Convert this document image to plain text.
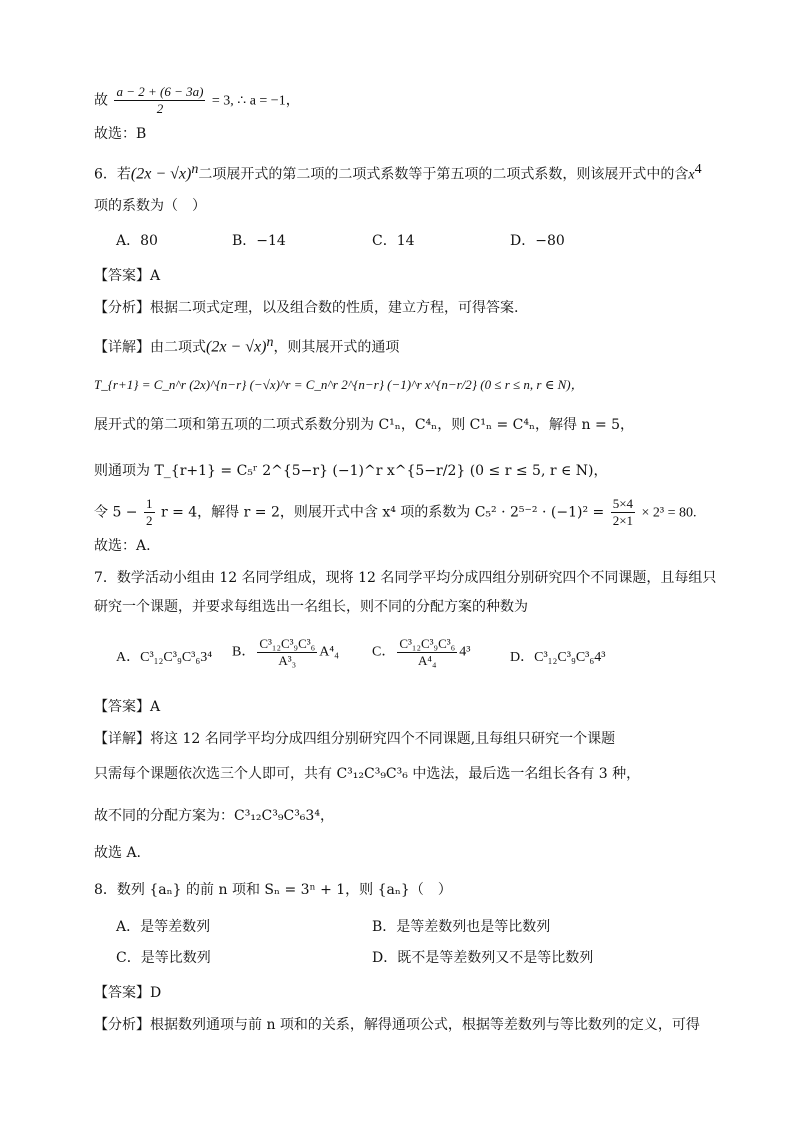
故 $\frac{a - 2 + (6 - 3a)}{2} = 3$, ∴ a = −1，
故选：B
6．若$(2x - √x)^n$二项展开式的第二项的二项式系数等于第五项的二项式系数，则该展开式中的含$x^4$
项的系数为（　）
A．80	B．−14	C．14	D．−80
【答案】A
【分析】根据二项式定理，以及组合数的性质，建立方程，可得答案.
【详解】由二项式$(2x - √x)^n$，则其展开式的通项
T_{r+1} = C_n^r (2x)^{n−r} (−√x)^r = C_n^r 2^{n−r} (−1)^r x^{n−r/2} (0 ≤ r ≤ n, r ∈ N)，
展开式的第二项和第五项的二项式系数分别为 C¹ₙ，C⁴ₙ，则 C¹ₙ = C⁴ₙ，解得 n = 5，
则通项为 T_{r+1} = C₅ʳ 2^{5−r} (−1)^r x^{5−r/2} (0 ≤ r ≤ 5, r ∈ N)，
令 $5 - \frac{1}{2}$ r = 4，解得 r = 2，则展开式中含 x⁴ 项的系数为 $C_5^2 \cdot 2^{5-2} \cdot (-1)^2 = \frac{5\times 4}{2\times 1} \times 2^3 = 80$.
故选：A.
7．数学活动小组由 12 名同学组成，现将 12 名同学平均分成四组分别研究四个不同课题，且每组只
研究一个课题，并要求每组选出一名组长，则不同的分配方案的种数为
A．C³₁₂C³₉C³₆3⁴ B． $\frac{\text{C³₁₂C³₉C³₆}}{\text{A³₃}} A^4_4$ C． $\frac{\text{C³₁₂C³₉C³₆}}{\text{A⁴₄}} 4^3$	D．C³₁₂C³₉C³₆4³
【答案】A
【详解】将这 12 名同学平均分成四组分别研究四个不同课题,且每组只研究一个课题
只需每个课题依次选三个人即可，共有 C³₁₂C³₉C³₆ 中选法，最后选一名组长各有 3 种，
故不同的分配方案为：C³₁₂C³₉C³₆3⁴，
故选 A.
8．数列 {aₙ} 的前 n 项和 Sₙ = 3ⁿ + 1，则 {aₙ}（　）
A．是等差数列	B．是等差数列也是等比数列
C．是等比数列	D．既不是等差数列又不是等比数列
【答案】D
【分析】根据数列通项与前 n 项和的关系，解得通项公式，根据等差数列与等比数列的定义，可得
